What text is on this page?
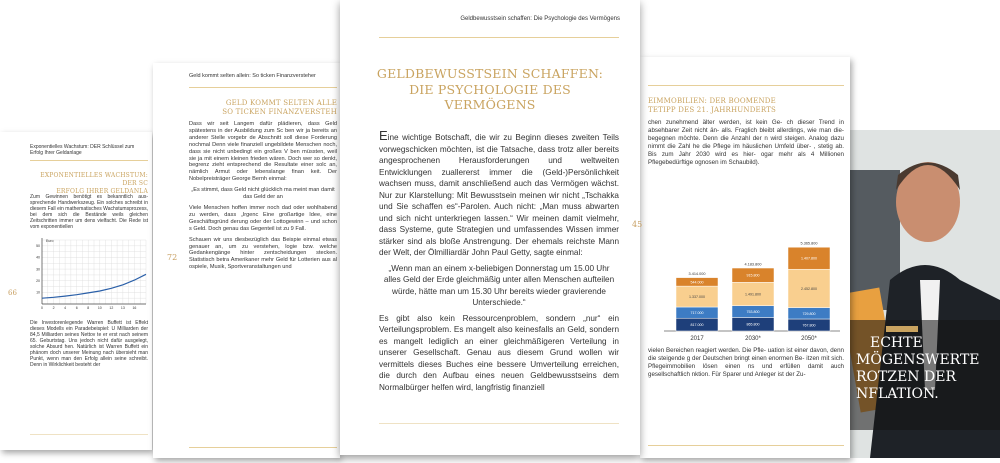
Exponentielles Wachstum: DER Schlüssel zum Erfolg Ihrer Geldanlage
EXPONENTIELLES WACHSTUM: DER SC
ERFOLG IHRER GELDANLA

Zum Gewinnen benötigt es bekanntlich aussprechende Handwerkszeug. Ein solches schreibt in diesem Fall ein mathematisches Wachstumsprozess, bei dem sich die Bestände weils gleichen Zeitschritten immer um dens vielfacht. Die Rede ist vom exponentiellen

Euro
10
20
30
40
50
0	2	4	6	8 10 12 13 16

Die Investorenlegende Warren Buffett ist Effekt dieses Modells ein Paradebeispiel: U Milliarden der 84,5 Milliarden seines Nettov te er erst nach seinem 65. Geburtstag. Uns jedoch nicht dafür ausgelegt, solche Absurd hen. Natürlich ist Warren Buffett ein phänom doch unserer Meinung nach übersieht man Punkt, wenn man den Erfolg allein seine schreibt. Denn in Wirklichkeit besteht der

66
Geld kommt selten allein: So ticken Finanzversteher
GELD KOMMT SELTEN ALLE
SO TICKEN FINANZVERSTEH

Dass wir seit Langem dafür plädieren, dass Geld spätestens in der Ausbildung zum Sc ben wir ja bereits an anderer Stelle vorgebr de Abschnitt soll diese Forderung nochmal Denn viele finanziell ungebildete Menschen noch, dass sie nicht unbedingt ein großes V ben müssten, weil sie ja mit einem kleinen frieden wären. Doch wer so denkt, begrenz zieht entsprechend die Resultate einer solc an, nämlich Armut oder lebenslange finan keit. Der Nobelpreisträger George Bernh einmal:

„Es stimmt, dass Geld nicht glücklich ma meint man damit das Geld der an

Viele Menschen hoffen immer noch dad oder wohlhabend zu werden, dass „Irgenc Eine großartige Idee, eine Geschäftsgründ derung oder der Lottogewinn – und schon s Geld. Doch genau das Gegenteil ist zu 9 Fall.

Schauen wir uns diesbezüglich das Beispie einmal etwas genauer an, um zu verstehen, logie bzw. welche Gedankengänge hinter zentscheidungen stecken. Statistisch betra Amerikaner mehr Geld für Lotterien aus al ospiele, Musik, Sportveranstaltungen und

72
ECHTE
MÖGENSWERTE
ROTZEN DER
NFLATION.
EIMMOBILIEN: DER BOOMENDE
TETIPP DES 21. JAHRHUNDERTS

chen zunehmend älter werden, ist kein Ge- ch dieser Trend in absehbarer Zeit nicht än- alls. Fraglich bleibt allerdings, wie man die- begegnen möchte. Denn die Anzahl der n wird steigen. Analog dazu nimmt die Zahl he die Pflege im häuslichen Umfeld über- , stetig ab. Bis zum Jahr 2030 wird es hier- ogar mehr als 4 Millionen Pflegebedürftige ognosen im Schaubild).

817.000
717.000
1.337.000
544.000
3.414.000
2017
865.800
753.800
1.491.800
915.800
4.183.800
2030*
767.800
729.800
2.452.800
1.407.800
5.365.800
2050*

vielen Bereichen reagiert werden. Die Pfle- uation ist einer davon, denn die steigende g der Deutschen bringt einen enormen Be- itzen mit sich. Pflegeimmobilien lösen einen ns und erfüllen damit auch gesellschaftlich nktion. Für Sparer und Anleger ist der Zu-

Geldbewusstsein schaffen: Die Psychologie des Vermögens
GELDBEWUSSTSEIN SCHAFFEN:
DIE PSYCHOLOGIE DES
VERMÖGENS

Eine wichtige Botschaft, die wir zu Beginn dieses zweiten Teils vorwegschicken möchten, ist die Tatsache, dass trotz aller bereits angesprochenen Herausforderungen und weltweiten Entwicklungen zuallererst immer die (Geld-)Persönlichkeit wachsen muss, damit anschließend auch das Vermögen wächst. Nur zur Klarstellung: Mit Bewusstsein meinen wir nicht „Tschakka und Sie schaffen es“-Parolen. Auch nicht: „Man muss abwarten und sich nicht unterkriegen lassen.“ Wir meinen damit vielmehr, dass Systeme, gute Strategien und umfassendes Wissen immer stärker sind als bloße Anstrengung. Der ehemals reichste Mann der Welt, der Ölmilliardär John Paul Getty, sagte einmal:

„Wenn man an einem x-beliebigen Donnerstag um 15.00 Uhr alles Geld der Erde gleichmäßig unter allen Menschen aufteilen würde, hätte man um 15.30 Uhr bereits wieder gravierende Unterschiede.“

Es gibt also kein Ressourcenproblem, sondern „nur“ ein Verteilungsproblem. Es mangelt also keinesfalls an Geld, sondern es mangelt lediglich an einer gleichmäßigeren Verteilung in unserer Gesellschaft. Genau aus diesem Grund wollen wir vermittels dieses Buches eine bessere Umverteilung erreichen, die durch den Aufbau eines neuen Geldbewusstseins dem Normalbürger helfen wird, langfristig finanziell

45
